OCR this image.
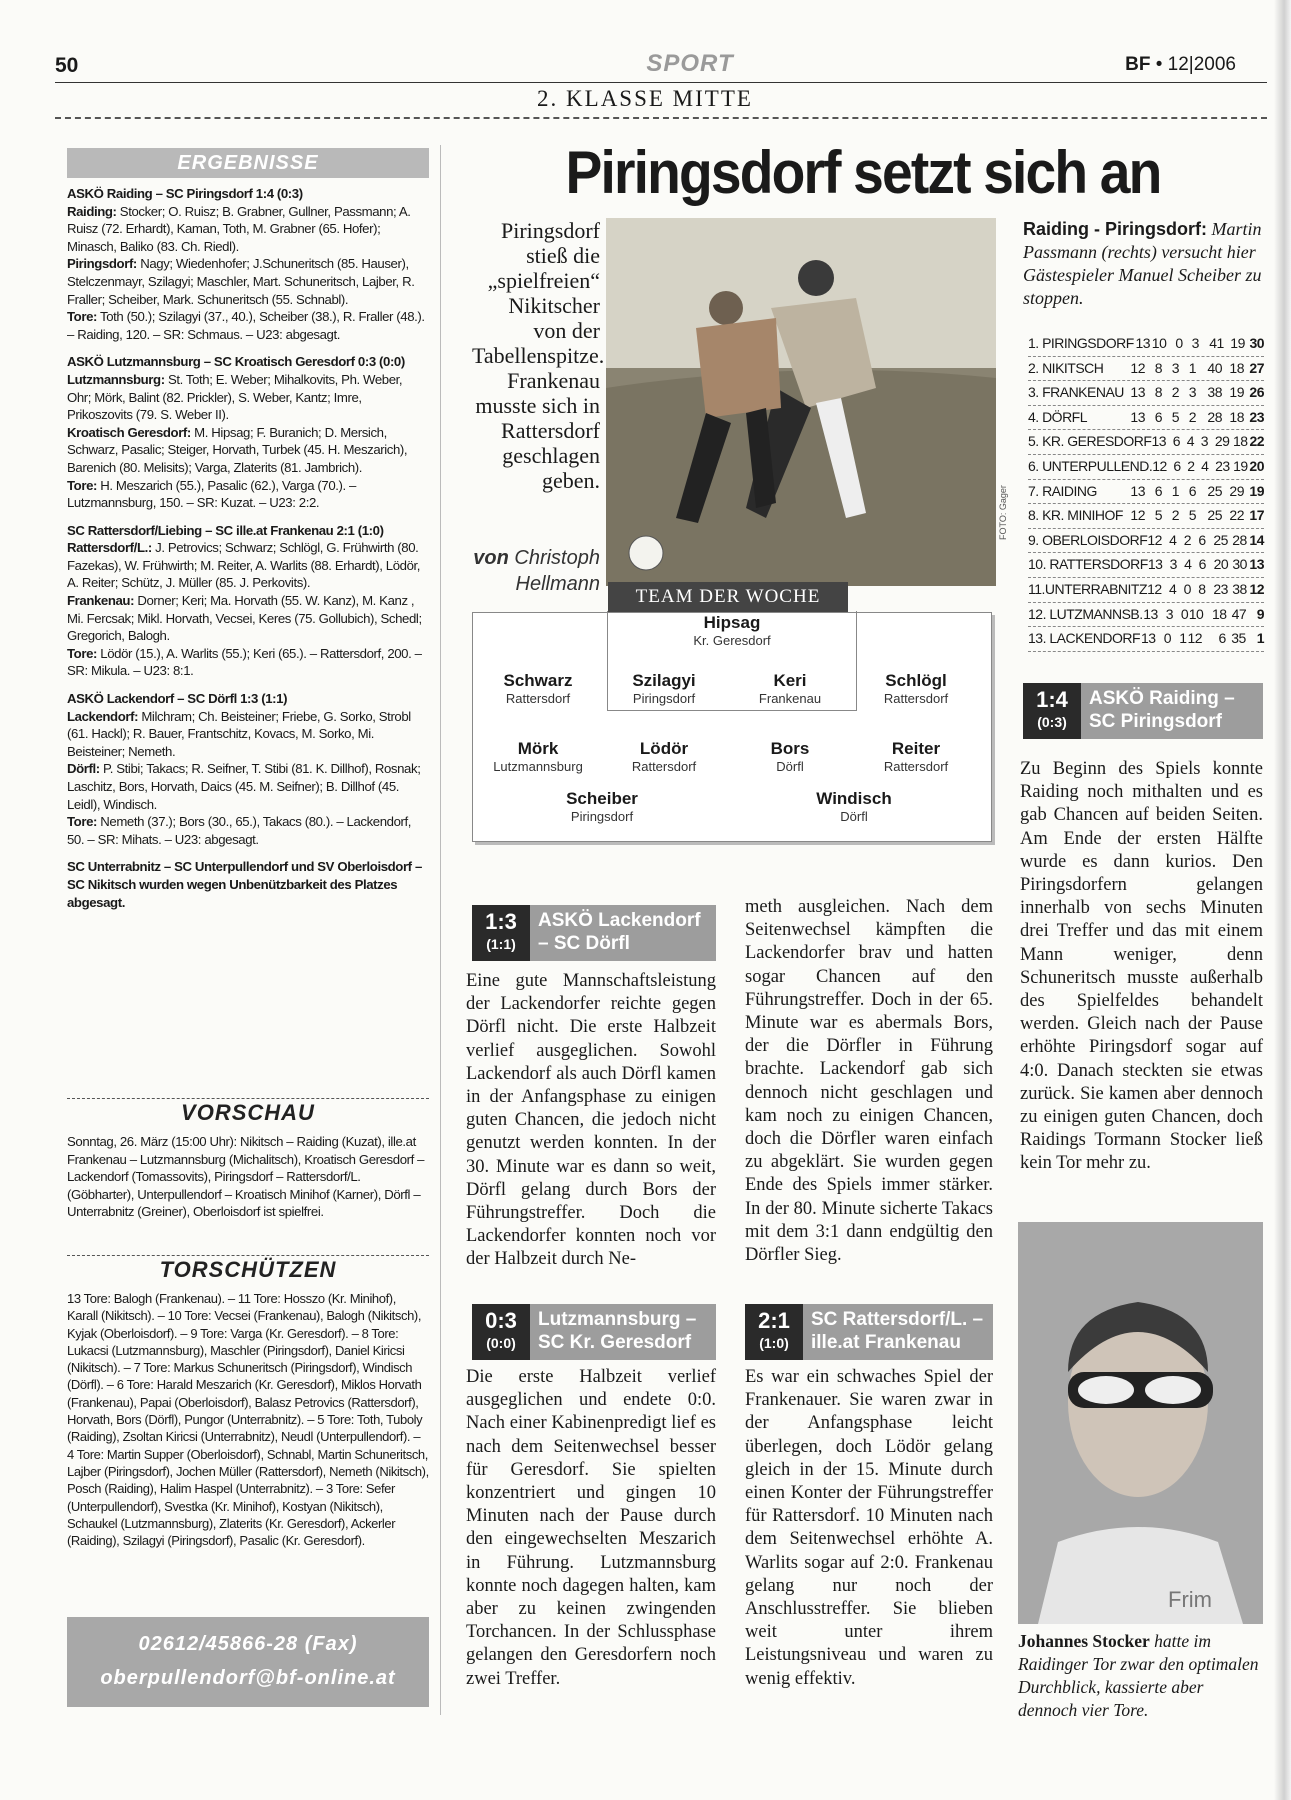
50	SPORT	BF • 12|2006
2. KLASSE MITTE
ERGEBNISSE

ASKÖ Raiding – SC Piringsdorf 1:4 (0:3)
Raiding: Stocker; O. Ruisz; B. Grabner, Gullner, Passmann; A. Ruisz (72. Erhardt), Kaman, Toth, M. Grabner (65. Hofer); Minasch, Baliko (83. Ch. Riedl).
Piringsdorf: Nagy; Wiedenhofer; J.Schuneritsch (85. Hauser), Stelczenmayr, Szilagyi; Maschler, Mart. Schuneritsch, Lajber, R. Fraller; Scheiber, Mark. Schuneritsch (55. Schnabl).
Tore: Toth (50.); Szilagyi (37., 40.), Scheiber (38.), R. Fraller (48.). – Raiding, 120. – SR: Schmaus. – U23: abgesagt.

ASKÖ Lutzmannsburg – SC Kroatisch Geresdorf 0:3 (0:0)
Lutzmannsburg: St. Toth; E. Weber; Mihalkovits, Ph. Weber, Ohr; Mörk, Balint (82. Prickler), S. Weber, Kantz; Imre, Prikoszovits (79. S. Weber II).
Kroatisch Geresdorf: M. Hipsag; F. Buranich; D. Mersich, Schwarz, Pasalic; Steiger, Horvath, Turbek (45. H. Meszarich), Barenich (80. Melisits); Varga, Zlaterits (81. Jambrich).
Tore: H. Meszarich (55.), Pasalic (62.), Varga (70.). – Lutzmannsburg, 150. – SR: Kuzat. – U23: 2:2.

SC Rattersdorf/Liebing – SC ille.at Frankenau 2:1 (1:0)
Rattersdorf/L.: J. Petrovics; Schwarz; Schlögl, G. Frühwirth (80. Fazekas), W. Frühwirth; M. Reiter, A. Warlits (88. Erhardt), Lödör, A. Reiter; Schütz, J. Müller (85. J. Perkovits).
Frankenau: Dorner; Keri; Ma. Horvath (55. W. Kanz), M. Kanz , Mi. Fercsak; Mikl. Horvath, Vecsei, Keres (75. Gollubich), Schedl; Gregorich, Balogh.
Tore: Lödör (15.), A. Warlits (55.); Keri (65.). – Rattersdorf, 200. – SR: Mikula. – U23: 8:1.

ASKÖ Lackendorf – SC Dörfl 1:3 (1:1)
Lackendorf: Milchram; Ch. Beisteiner; Friebe, G. Sorko, Strobl (61. Hackl); R. Bauer, Frantschitz, Kovacs, M. Sorko, Mi. Beisteiner; Nemeth.
Dörfl: P. Stibi; Takacs; R. Seifner, T. Stibi (81. K. Dillhof), Rosnak; Laschitz, Bors, Horvath, Daics (45. M. Seifner); B. Dillhof (45. Leidl), Windisch.
Tore: Nemeth (37.); Bors (30., 65.), Takacs (80.). – Lackendorf, 50. – SR: Mihats. – U23: abgesagt.

SC Unterrabnitz – SC Unterpullendorf und SV Oberloisdorf – SC Nikitsch wurden wegen Unbenützbarkeit des Platzes abgesagt.

VORSCHAU
Sonntag, 26. März (15:00 Uhr): Nikitsch – Raiding (Kuzat), ille.at Frankenau – Lutzmannsburg (Michalitsch), Kroatisch Geresdorf – Lackendorf (Tomassovits), Piringsdorf – Rattersdorf/L. (Göbharter), Unterpullendorf – Kroatisch Minihof (Karner), Dörfl – Unterrabnitz (Greiner), Oberloisdorf ist spielfrei.
TORSCHÜTZEN
13 Tore: Balogh (Frankenau). – 11 Tore: Hosszo (Kr. Minihof), Karall (Nikitsch). – 10 Tore: Vecsei (Frankenau), Balogh (Nikitsch), Kyjak (Oberloisdorf). – 9 Tore: Varga (Kr. Geresdorf). – 8 Tore: Lukacsi (Lutzmannsburg), Maschler (Piringsdorf), Daniel Kiricsi (Nikitsch). – 7 Tore: Markus Schuneritsch (Piringsdorf), Windisch (Dörfl). – 6 Tore: Harald Meszarich (Kr. Geresdorf), Miklos Horvath (Frankenau), Papai (Oberloisdorf), Balasz Petrovics (Rattersdorf), Horvath, Bors (Dörfl), Pungor (Unterrabnitz). – 5 Tore: Toth, Tuboly (Raiding), Zsoltan Kiricsi (Unterrabnitz), Neudl (Unterpullendorf). – 4 Tore: Martin Supper (Oberloisdorf), Schnabl, Martin Schuneritsch, Lajber (Piringsdorf), Jochen Müller (Rattersdorf), Nemeth (Nikitsch), Posch (Raiding), Halim Haspel (Unterrabnitz). – 3 Tore: Sefer (Unterpullendorf), Svestka (Kr. Minihof), Kostyan (Nikitsch), Schaukel (Lutzmannsburg), Zlaterits (Kr. Geresdorf), Ackerler (Raiding), Szilagyi (Piringsdorf), Pasalic (Kr. Geresdorf).
02612/45866-28 (Fax)
oberpullendorf@bf-online.at
Piringsdorf setzt sich an
Piringsdorf stieß die „spielfreien“ Nikitscher von der Tabellenspitze. Frankenau musste sich in Rattersdorf geschlagen geben.
von Christoph Hellmann
FOTO: Gager
Raiding - Piringsdorf: Martin Passmann (rechts) versucht hier Gästespieler Manuel Scheiber zu stoppen.
Hipsag
Kr. Geresdorf
Schwarz
Rattersdorf
Szilagyi
Piringsdorf
Keri
Frankenau
Schlögl
Rattersdorf
Mörk
Lutzmannsburg
Lödör
Rattersdorf
Bors
Dörfl
Reiter
Rattersdorf
Scheiber
Piringsdorf
Windisch
Dörfl
TEAM DER WOCHE
1. PIRINGSDORF 13 10 0 3 41 19 30
2. NIKITSCH	12 8 3 1 40 18 27
3. FRANKENAU 13 8 2 3 38 19 26
4. DÖRFL	13 6 5 2 28 18 23
5. KR. GERESDORF 13 6 4 3 29 18 22
6. UNTERPULLEND. 12 6 2 4 23 19 20
7. RAIDING	13 6 1 6 25 29 19
8. KR. MINIHOF 12 5 2 5 25 22 17
9. OBERLOISDORF 12 4 2 6 25 28 14
10. RATTERSDORF 13 3 4 6 20 30 13
11.UNTERRABNITZ 12 4 0 8 23 38 12
12. LUTZMANNSB. 13 3 0 10 18 47 9
13. LACKENDORF 13 0 1 12	6 35 1
1:3
(1:1)
ASKÖ Lackendorf – SC Dörfl
Eine gute Mannschaftsleistung der Lackendorfer reichte gegen Dörfl nicht. Die erste Halbzeit verlief ausgeglichen. Sowohl Lackendorf als auch Dörfl kamen in der Anfangsphase zu einigen guten Chancen, die jedoch nicht genutzt werden konnten. In der 30. Minute war es dann so weit, Dörfl gelang durch Bors der Führungstreffer. Doch die Lackendorfer konnten noch vor der Halbzeit durch Ne-
meth ausgleichen. Nach dem Seitenwechsel kämpften die Lackendorfer brav und hatten sogar Chancen auf den Führungstreffer. Doch in der 65. Minute war es abermals Bors, der die Dörfler in Führung brachte. Lackendorf gab sich dennoch nicht geschlagen und kam noch zu einigen Chancen, doch die Dörfler waren einfach zu abgeklärt. Sie wurden gegen Ende des Spiels immer stärker. In der 80. Minute sicherte Takacs mit dem 3:1 dann endgültig den Dörfler Sieg.
0:3
(0:0)
Lutzmannsburg – SC Kr. Geresdorf
Die erste Halbzeit verlief ausgeglichen und endete 0:0. Nach einer Kabinenpredigt lief es nach dem Seitenwechsel besser für Geresdorf. Sie spielten konzentriert und gingen 10 Minuten nach der Pause durch den eingewechselten Meszarich in Führung. Lutzmannsburg konnte noch dagegen halten, kam aber zu keinen zwingenden Torchancen. In der Schlussphase gelangen den Geresdorfern noch zwei Treffer.
2:1
(1:0)
SC Rattersdorf/L. – ille.at Frankenau
Es war ein schwaches Spiel der Frankenauer. Sie waren zwar in der Anfangsphase leicht überlegen, doch Lödör gelang gleich in der 15. Minute durch einen Konter der Führungstreffer für Rattersdorf. 10 Minuten nach dem Seitenwechsel erhöhte A. Warlits sogar auf 2:0. Frankenau gelang nur noch der Anschlusstreffer. Sie blieben weit unter ihrem Leistungsniveau und waren zu wenig effektiv.
1:4
(0:3)
ASKÖ Raiding – SC Piringsdorf
Zu Beginn des Spiels konnte Raiding noch mithalten und es gab Chancen auf beiden Seiten. Am Ende der ersten Hälfte wurde es dann kurios. Den Piringsdorfern gelangen innerhalb von sechs Minuten drei Treffer und das mit einem Mann weniger, denn Schuneritsch musste außerhalb des Spielfeldes behandelt werden. Gleich nach der Pause erhöhte Piringsdorf sogar auf 4:0. Danach steckten sie etwas zurück. Sie kamen aber dennoch zu einigen guten Chancen, doch Raidings Tormann Stocker ließ kein Tor mehr zu.
Frim
Johannes Stocker hatte im Raidinger Tor zwar den optimalen Durchblick, kassierte aber dennoch vier Tore.
